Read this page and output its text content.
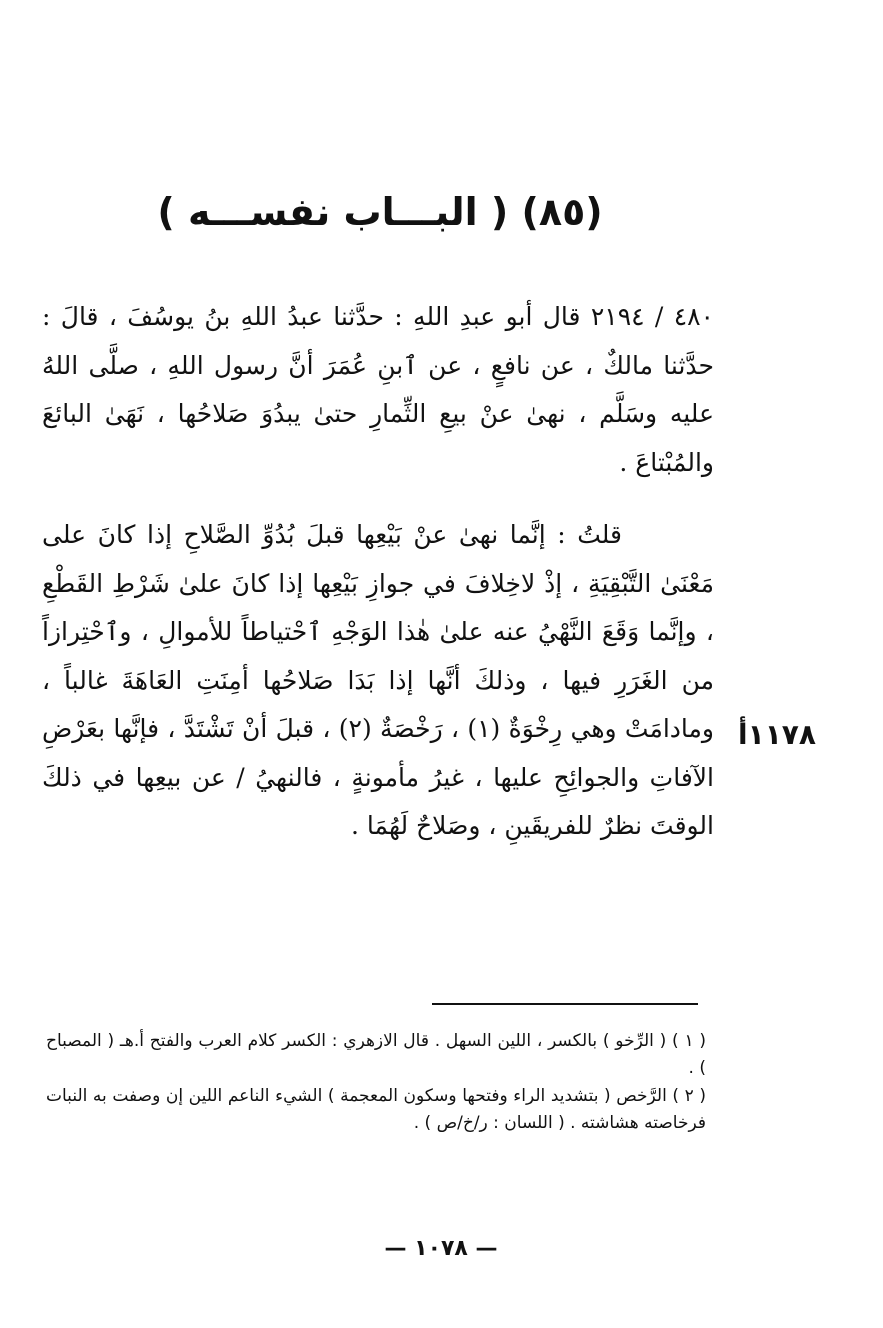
(٨٥) ( البـــاب نفســـه )

٤٨٠ / ٢١٩٤ قال أبو عبدِ اللهِ : حدَّثنا عبدُ اللهِ بنُ يوسُفَ ، قالَ : حدَّثنا مالكٌ ، عن نافعٍ ، عن ٱبنِ عُمَرَ أنَّ رسول اللهِ ، صلَّى اللهُ عليه وسَلَّم ، نهىٰ عنْ بيعِ الثِّمارِ حتىٰ يبدُوَ صَلاحُها ، نَهَىٰ البائعَ والمُبْتاعَ .

قلتُ : إنَّما نهىٰ عنْ بَيْعِها قبلَ بُدُوِّ الصَّلاحِ إذا كانَ على مَعْنَىٰ التَّبْقِيَةِ ، إذْ لاخِلافَ في جوازِ بَيْعِها إذا كانَ علىٰ شَرْطِ القَطْعِ ، وإنَّما وَقَعَ النَّهْيُ عنه علىٰ هٰذا الوَجْهِ ٱحْتياطاً للأموالِ ، وٱحْتِرازاً من الغَرَرِ فيها ، وذلكَ أنَّها إذا بَدَا صَلاحُها أمِنَتِ العَاهَةَ غالباً ، ومادامَتْ وهي رِخْوَةٌ (١) ، رَخْصَةٌ (٢) ، قبلَ أنْ تَشْتَدَّ ، فإنَّها بعَرْضِ الآفاتِ والجوائِحِ عليها ، غيرُ مأمونةٍ ، فالنهيُ / عن بيعِها في ذلكَ الوقتَ نظرٌ للفريقَينِ ، وصَلاحٌ لَهُمَا .

١١٧٨أ

( ١ ) ( الرِّخو ) بالكسر ، اللين السهل . قال الازهري : الكسر كلام العرب والفتح أ.هـ ( المصباح ) .

( ٢ ) الرَّخص ( بتشديد الراء وفتحها وسكون المعجمة ) الشيء الناعم اللين إن وصفت به النبات فرخاصته هشاشته . ( اللسان : ر/خ/ص ) .

— ١٠٧٨ —
